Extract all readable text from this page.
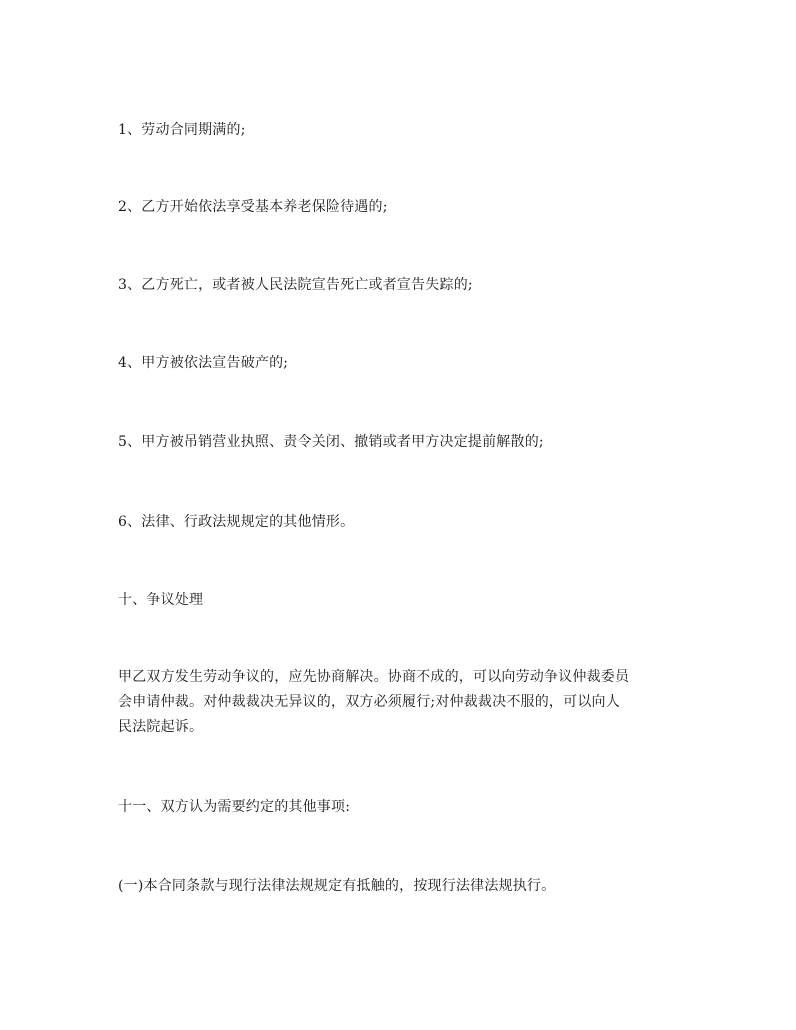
1、劳动合同期满的;
2、乙方开始依法享受基本养老保险待遇的;
3、乙方死亡，或者被人民法院宣告死亡或者宣告失踪的;
4、甲方被依法宣告破产的;
5、甲方被吊销营业执照、责令关闭、撤销或者甲方决定提前解散的;
6、法律、行政法规规定的其他情形。
十、争议处理
甲乙双方发生劳动争议的，应先协商解决。协商不成的，可以向劳动争议仲裁委员
会申请仲裁。对仲裁裁决无异议的，双方必须履行;对仲裁裁决不服的，可以向人
民法院起诉。
十一、双方认为需要约定的其他事项:
(一)本合同条款与现行法律法规规定有抵触的，按现行法律法规执行。
